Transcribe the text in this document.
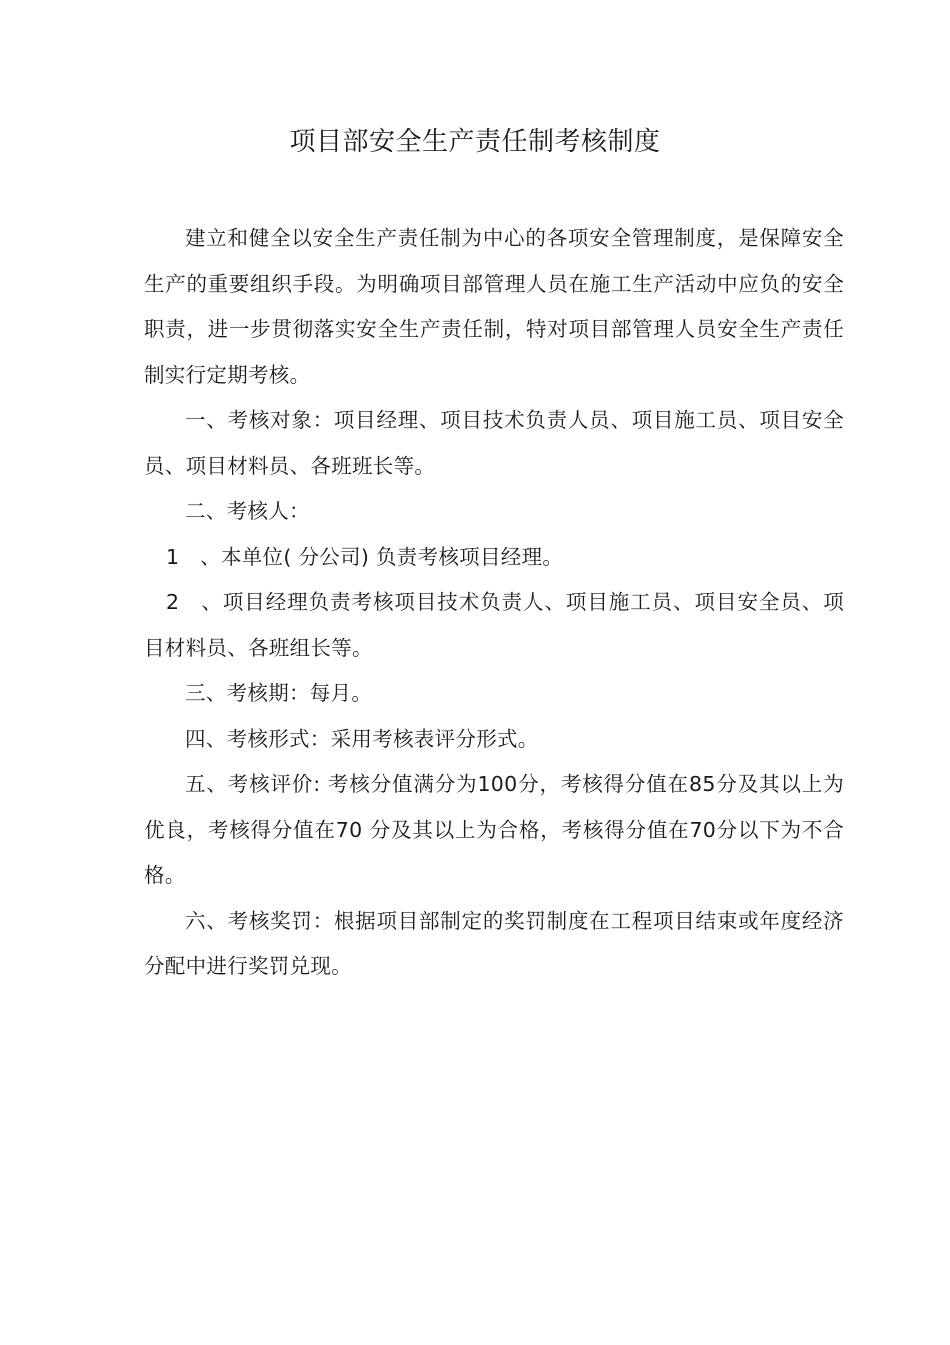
项目部安全生产责任制考核制度

建立和健全以安全生产责任制为中心的各项安全管理制度，是保障安全生产的重要组织手段。为明确项目部管理人员在施工生产活动中应负的安全职责，进一步贯彻落实安全生产责任制，特对项目部管理人员安全生产责任制实行定期考核。

一、考核对象：项目经理、项目技术负责人员、项目施工员、项目安全员、项目材料员、各班班长等。

二、考核人：

1　、本单位( 分公司) 负责考核项目经理。

2　、项目经理负责考核项目技术负责人、项目施工员、项目安全员、项目材料员、各班组长等。

三、考核期：每月。

四、考核形式：采用考核表评分形式。

五、考核评价: 考核分值满分为100分，考核得分值在85分及其以上为优良，考核得分值在70 分及其以上为合格，考核得分值在70分以下为不合格。

六、考核奖罚：根据项目部制定的奖罚制度在工程项目结束或年度经济分配中进行奖罚兑现。
